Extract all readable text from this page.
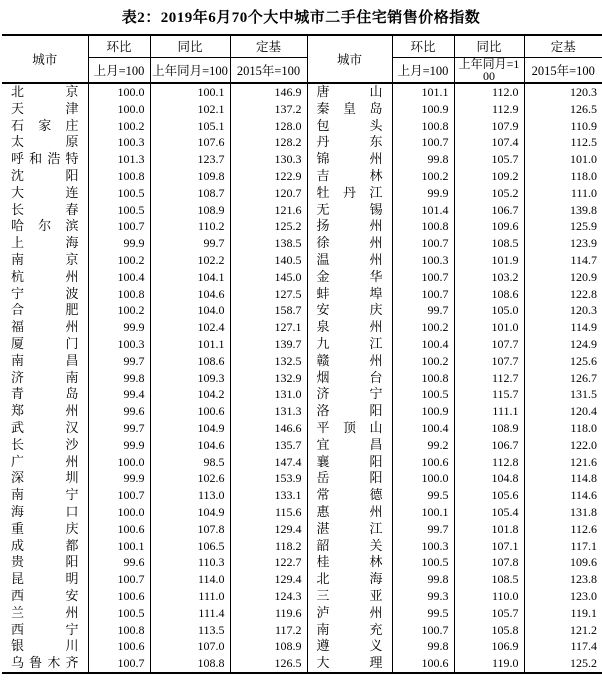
表2：2019年6月70个大中城市二手住宅销售价格指数
城市	环比	同比	定基	城市	环比	同比	定基
	上月=100	上年同月=100	2015年=100		上月=100	上年同月=100	2015年=100
北京	100.0	100.1	146.9	唐山	101.1	112.0	120.3
天津	100.0	102.1	137.2	秦皇岛	100.9	112.9	126.5
石家庄	100.2	105.1	128.0	包头	100.8	107.9	110.9
太原	100.3	107.6	128.2	丹东	100.7	107.4	112.5
呼和浩特	101.3	123.7	130.3	锦州	99.8	105.7	101.0
沈阳	100.8	109.8	122.9	吉林	100.2	109.2	118.0
大连	100.5	108.7	120.7	牡丹江	99.9	105.2	111.0
长春	100.5	108.9	121.6	无锡	101.4	106.7	139.8
哈尔滨	100.7	110.2	125.2	扬州	100.8	109.6	125.9
上海	99.9	99.7	138.5	徐州	100.7	108.5	123.9
南京	100.2	102.2	140.5	温州	100.3	101.9	114.7
杭州	100.4	104.1	145.0	金华	100.7	103.2	120.9
宁波	100.8	104.6	127.5	蚌埠	100.7	108.6	122.8
合肥	100.2	104.0	158.7	安庆	99.7	105.0	120.3
福州	99.9	102.4	127.1	泉州	100.2	101.0	114.9
厦门	100.3	101.1	139.7	九江	100.4	107.7	124.9
南昌	99.7	108.6	132.5	赣州	100.2	107.7	125.6
济南	99.8	109.3	132.9	烟台	100.8	112.7	126.7
青岛	99.4	104.2	131.0	济宁	100.5	115.7	131.5
郑州	99.6	100.6	131.3	洛阳	100.9	111.1	120.4
武汉	99.7	104.9	146.6	平顶山	100.4	108.9	118.0
长沙	99.9	104.6	135.7	宜昌	99.2	106.7	122.0
广州	100.0	98.5	147.4	襄阳	100.6	112.8	121.6
深圳	99.9	102.6	153.9	岳阳	100.0	104.8	114.8
南宁	100.7	113.0	133.1	常德	99.5	105.6	114.6
海口	100.0	104.9	115.6	惠州	100.1	105.4	131.8
重庆	100.6	107.8	129.4	湛江	99.7	101.8	112.6
成都	100.1	106.5	118.2	韶关	100.3	107.1	117.1
贵阳	99.6	110.3	122.7	桂林	100.5	107.8	109.6
昆明	100.7	114.0	129.4	北海	99.8	108.5	123.8
西安	100.6	111.0	124.3	三亚	99.3	110.0	123.0
兰州	100.5	111.4	119.6	泸州	99.5	105.7	119.1
西宁	100.8	113.5	117.2	南充	100.7	105.8	121.2
银川	100.6	107.0	108.9	遵义	99.8	106.9	117.4
乌鲁木齐	100.7	108.8	126.5	大理	100.6	119.0	125.2
